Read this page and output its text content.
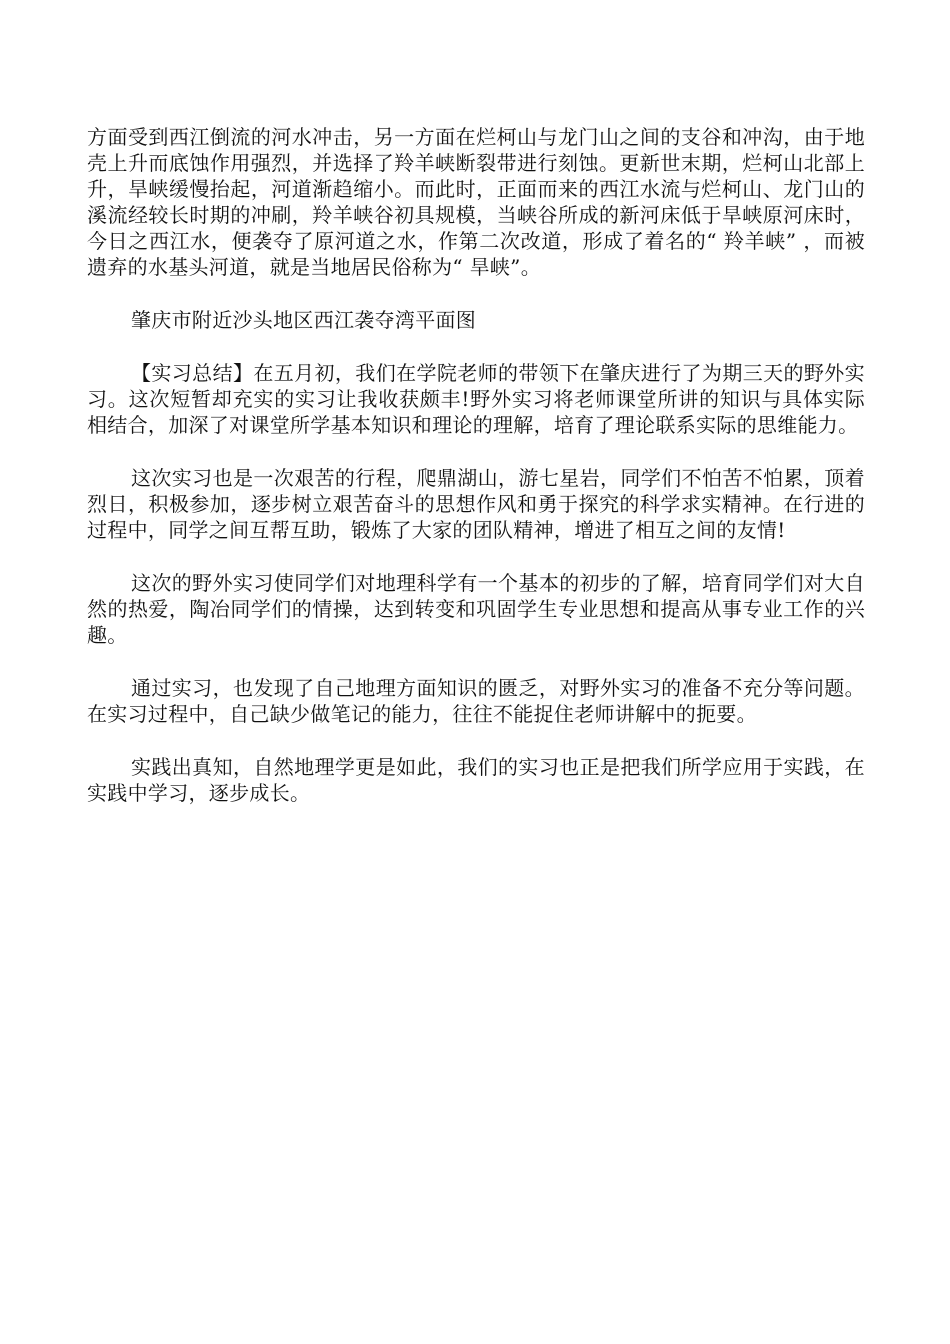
方面受到西江倒流的河水冲击，另一方面在烂柯山与龙门山之间的支谷和冲沟，由于地壳上升而底蚀作用强烈，并选择了羚羊峡断裂带进行刻蚀。更新世末期，烂柯山北部上升，旱峡缓慢抬起，河道渐趋缩小。而此时，正面而来的西江水流与烂柯山、龙门山的溪流经较长时期的冲刷，羚羊峡谷初具规模，当峡谷所成的新河床低于旱峡原河床时，今日之西江水，便袭夺了原河道之水，作第二次改道，形成了着名的“ 羚羊峡” ，而被遗弃的水基头河道，就是当地居民俗称为“ 旱峡”。

肇庆市附近沙头地区西江袭夺湾平面图

【实习总结】在五月初，我们在学院老师的带领下在肇庆进行了为期三天的野外实习。这次短暂却充实的实习让我收获颇丰!野外实习将老师课堂所讲的知识与具体实际相结合，加深了对课堂所学基本知识和理论的理解，培育了理论联系实际的思维能力。

这次实习也是一次艰苦的行程，爬鼎湖山，游七星岩，同学们不怕苦不怕累，顶着烈日，积极参加，逐步树立艰苦奋斗的思想作风和勇于探究的科学求实精神。在行进的过程中，同学之间互帮互助，锻炼了大家的团队精神，增进了相互之间的友情!

这次的野外实习使同学们对地理科学有一个基本的初步的了解，培育同学们对大自然的热爱，陶冶同学们的情操，达到转变和巩固学生专业思想和提高从事专业工作的兴趣。

通过实习，也发现了自己地理方面知识的匮乏，对野外实习的准备不充分等问题。在实习过程中，自己缺少做笔记的能力，往往不能捉住老师讲解中的扼要。

实践出真知，自然地理学更是如此，我们的实习也正是把我们所学应用于实践，在实践中学习，逐步成长。
